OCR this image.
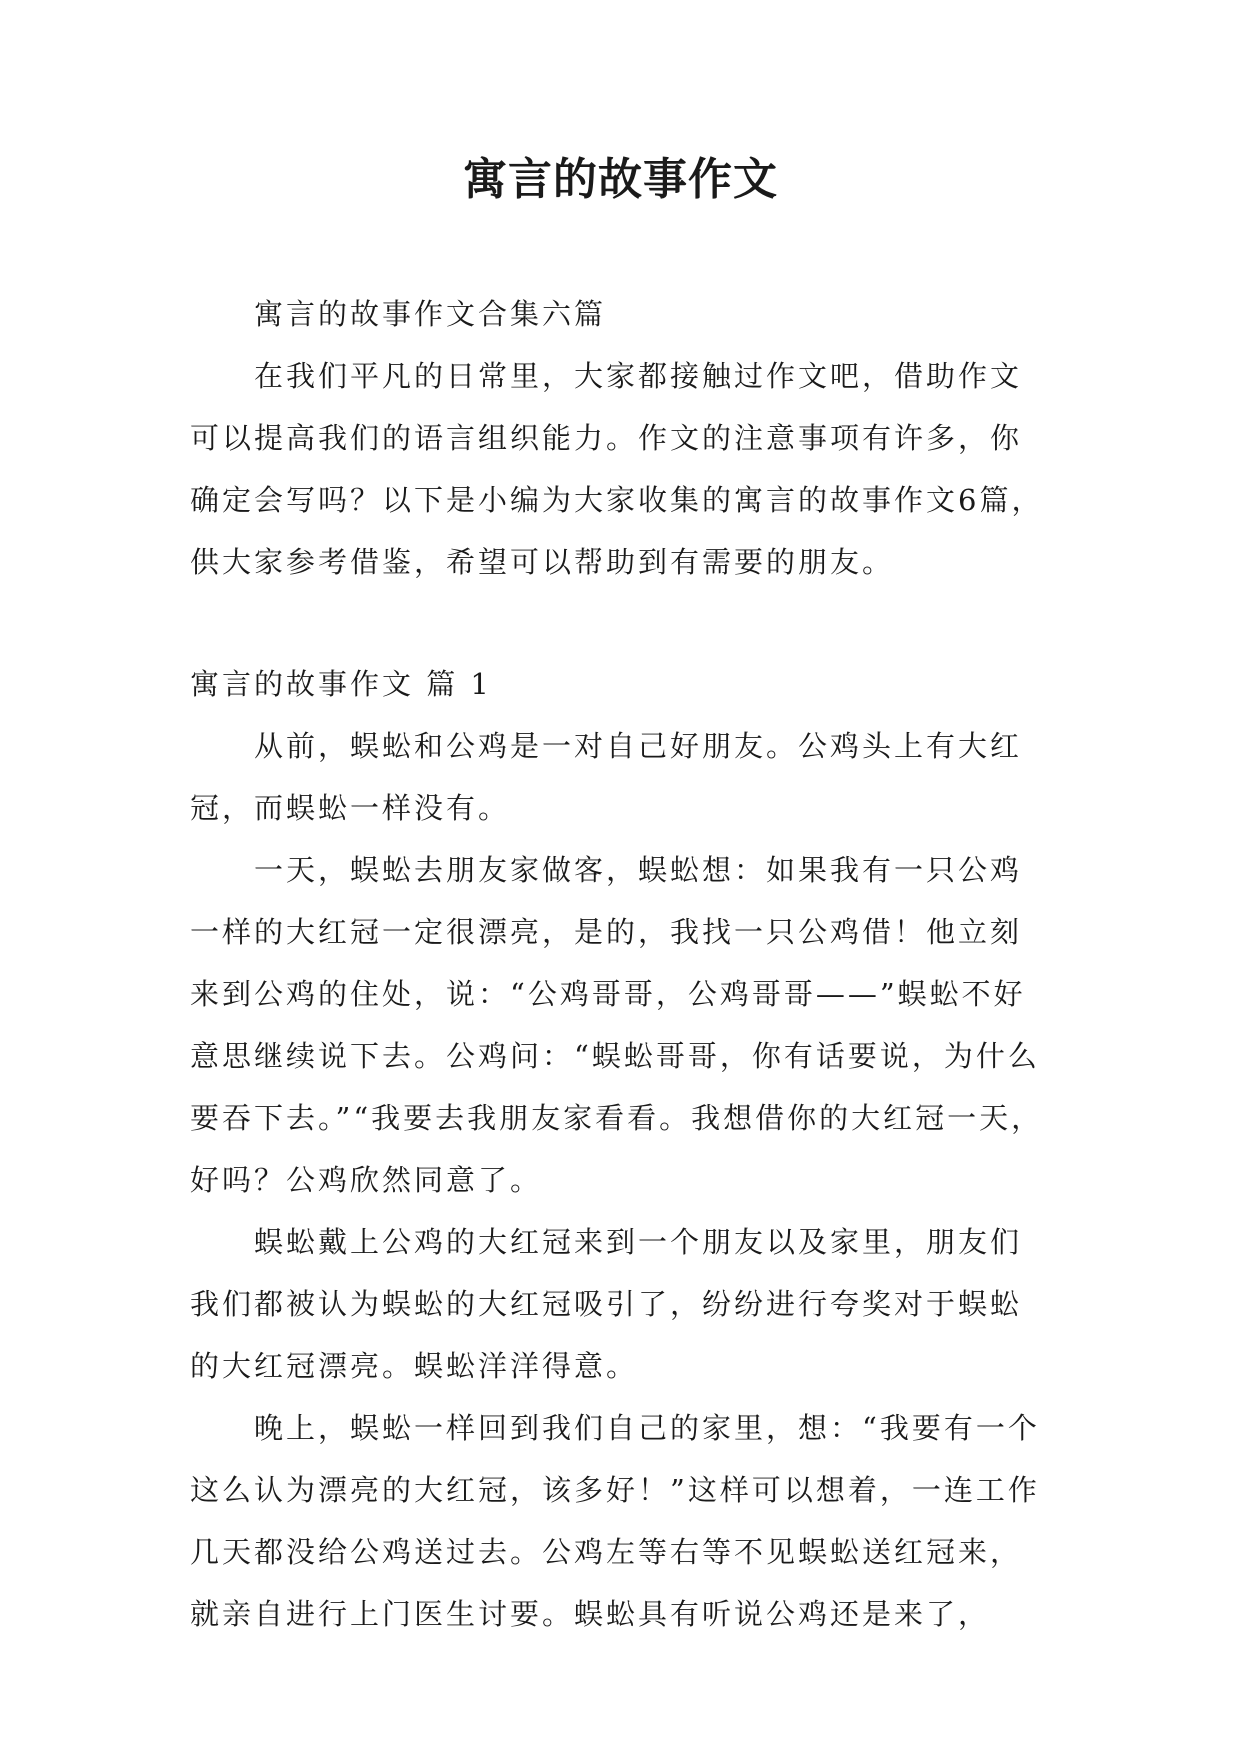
寓言的故事作文

寓言的故事作文合集六篇

在我们平凡的日常里，大家都接触过作文吧，借助作文可以提高我们的语言组织能力。作文的注意事项有许多，你确定会写吗？以下是小编为大家收集的寓言的故事作文6篇，供大家参考借鉴，希望可以帮助到有需要的朋友。

寓言的故事作文 篇 1

从前，蜈蚣和公鸡是一对自己好朋友。公鸡头上有大红冠，而蜈蚣一样没有。

一天，蜈蚣去朋友家做客，蜈蚣想：如果我有一只公鸡一样的大红冠一定很漂亮，是的，我找一只公鸡借！他立刻来到公鸡的住处，说：“公鸡哥哥，公鸡哥哥——”蜈蚣不好意思继续说下去。公鸡问：“蜈蚣哥哥，你有话要说，为什么要吞下去。”“我要去我朋友家看看。我想借你的大红冠一天，好吗？公鸡欣然同意了。

蜈蚣戴上公鸡的大红冠来到一个朋友以及家里，朋友们我们都被认为蜈蚣的大红冠吸引了，纷纷进行夸奖对于蜈蚣的大红冠漂亮。蜈蚣洋洋得意。

晚上，蜈蚣一样回到我们自己的家里，想：“我要有一个这么认为漂亮的大红冠，该多好！”这样可以想着，一连工作几天都没给公鸡送过去。公鸡左等右等不见蜈蚣送红冠来，就亲自进行上门医生讨要。蜈蚣具有听说公鸡还是来了，
